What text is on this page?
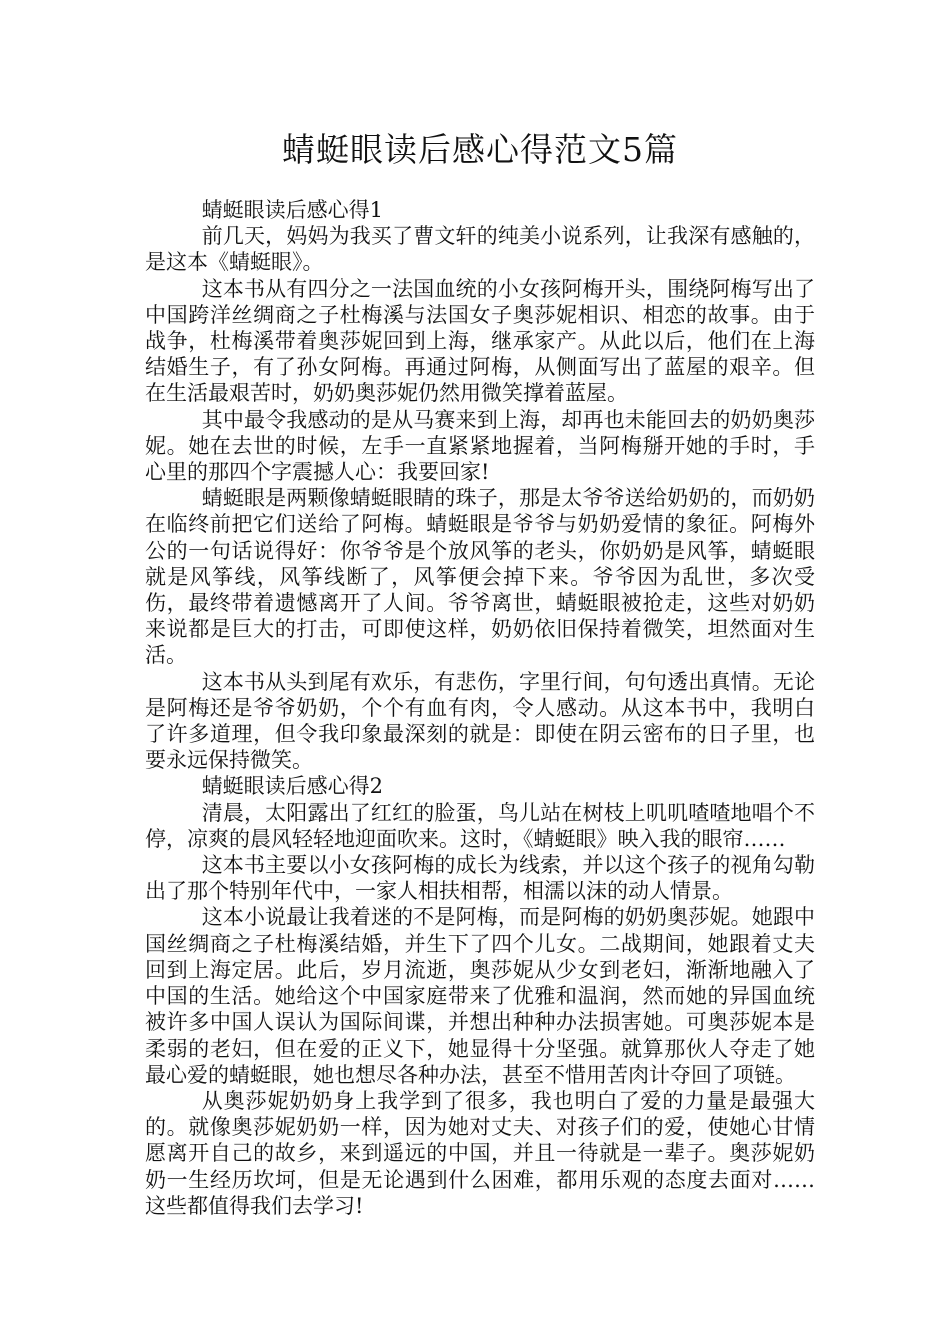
蜻蜓眼读后感心得范文5篇

蜻蜓眼读后感心得1

前几天，妈妈为我买了曹文轩的纯美小说系列，让我深有感触的，是这本《蜻蜓眼》。

这本书从有四分之一法国血统的小女孩阿梅开头，围绕阿梅写出了中国跨洋丝绸商之子杜梅溪与法国女子奥莎妮相识、相恋的故事。由于战争，杜梅溪带着奥莎妮回到上海，继承家产。从此以后，他们在上海结婚生子，有了孙女阿梅。再通过阿梅，从侧面写出了蓝屋的艰辛。但在生活最艰苦时，奶奶奥莎妮仍然用微笑撑着蓝屋。

其中最令我感动的是从马赛来到上海，却再也未能回去的奶奶奥莎妮。她在去世的时候，左手一直紧紧地握着，当阿梅掰开她的手时，手心里的那四个字震撼人心：我要回家!

蜻蜓眼是两颗像蜻蜓眼睛的珠子，那是太爷爷送给奶奶的，而奶奶在临终前把它们送给了阿梅。蜻蜓眼是爷爷与奶奶爱情的象征。阿梅外公的一句话说得好：你爷爷是个放风筝的老头，你奶奶是风筝，蜻蜓眼就是风筝线，风筝线断了，风筝便会掉下来。爷爷因为乱世，多次受伤，最终带着遗憾离开了人间。爷爷离世，蜻蜓眼被抢走，这些对奶奶来说都是巨大的打击，可即使这样，奶奶依旧保持着微笑，坦然面对生活。

这本书从头到尾有欢乐，有悲伤，字里行间，句句透出真情。无论是阿梅还是爷爷奶奶，个个有血有肉，令人感动。从这本书中，我明白了许多道理，但令我印象最深刻的就是：即使在阴云密布的日子里，也要永远保持微笑。

蜻蜓眼读后感心得2

清晨，太阳露出了红红的脸蛋，鸟儿站在树枝上叽叽喳喳地唱个不停，凉爽的晨风轻轻地迎面吹来。这时，《蜻蜓眼》映入我的眼帘……

这本书主要以小女孩阿梅的成长为线索，并以这个孩子的视角勾勒出了那个特别年代中，一家人相扶相帮，相濡以沫的动人情景。

这本小说最让我着迷的不是阿梅，而是阿梅的奶奶奥莎妮。她跟中国丝绸商之子杜梅溪结婚，并生下了四个儿女。二战期间，她跟着丈夫回到上海定居。此后，岁月流逝，奥莎妮从少女到老妇，渐渐地融入了中国的生活。她给这个中国家庭带来了优雅和温润，然而她的异国血统被许多中国人误认为国际间谍，并想出种种办法损害她。可奥莎妮本是柔弱的老妇，但在爱的正义下，她显得十分坚强。就算那伙人夺走了她最心爱的蜻蜓眼，她也想尽各种办法，甚至不惜用苦肉计夺回了项链。

从奥莎妮奶奶身上我学到了很多，我也明白了爱的力量是最强大的。就像奥莎妮奶奶一样，因为她对丈夫、对孩子们的爱，使她心甘情愿离开自己的故乡，来到遥远的中国，并且一待就是一辈子。奥莎妮奶奶一生经历坎坷，但是无论遇到什么困难，都用乐观的态度去面对……这些都值得我们去学习!
